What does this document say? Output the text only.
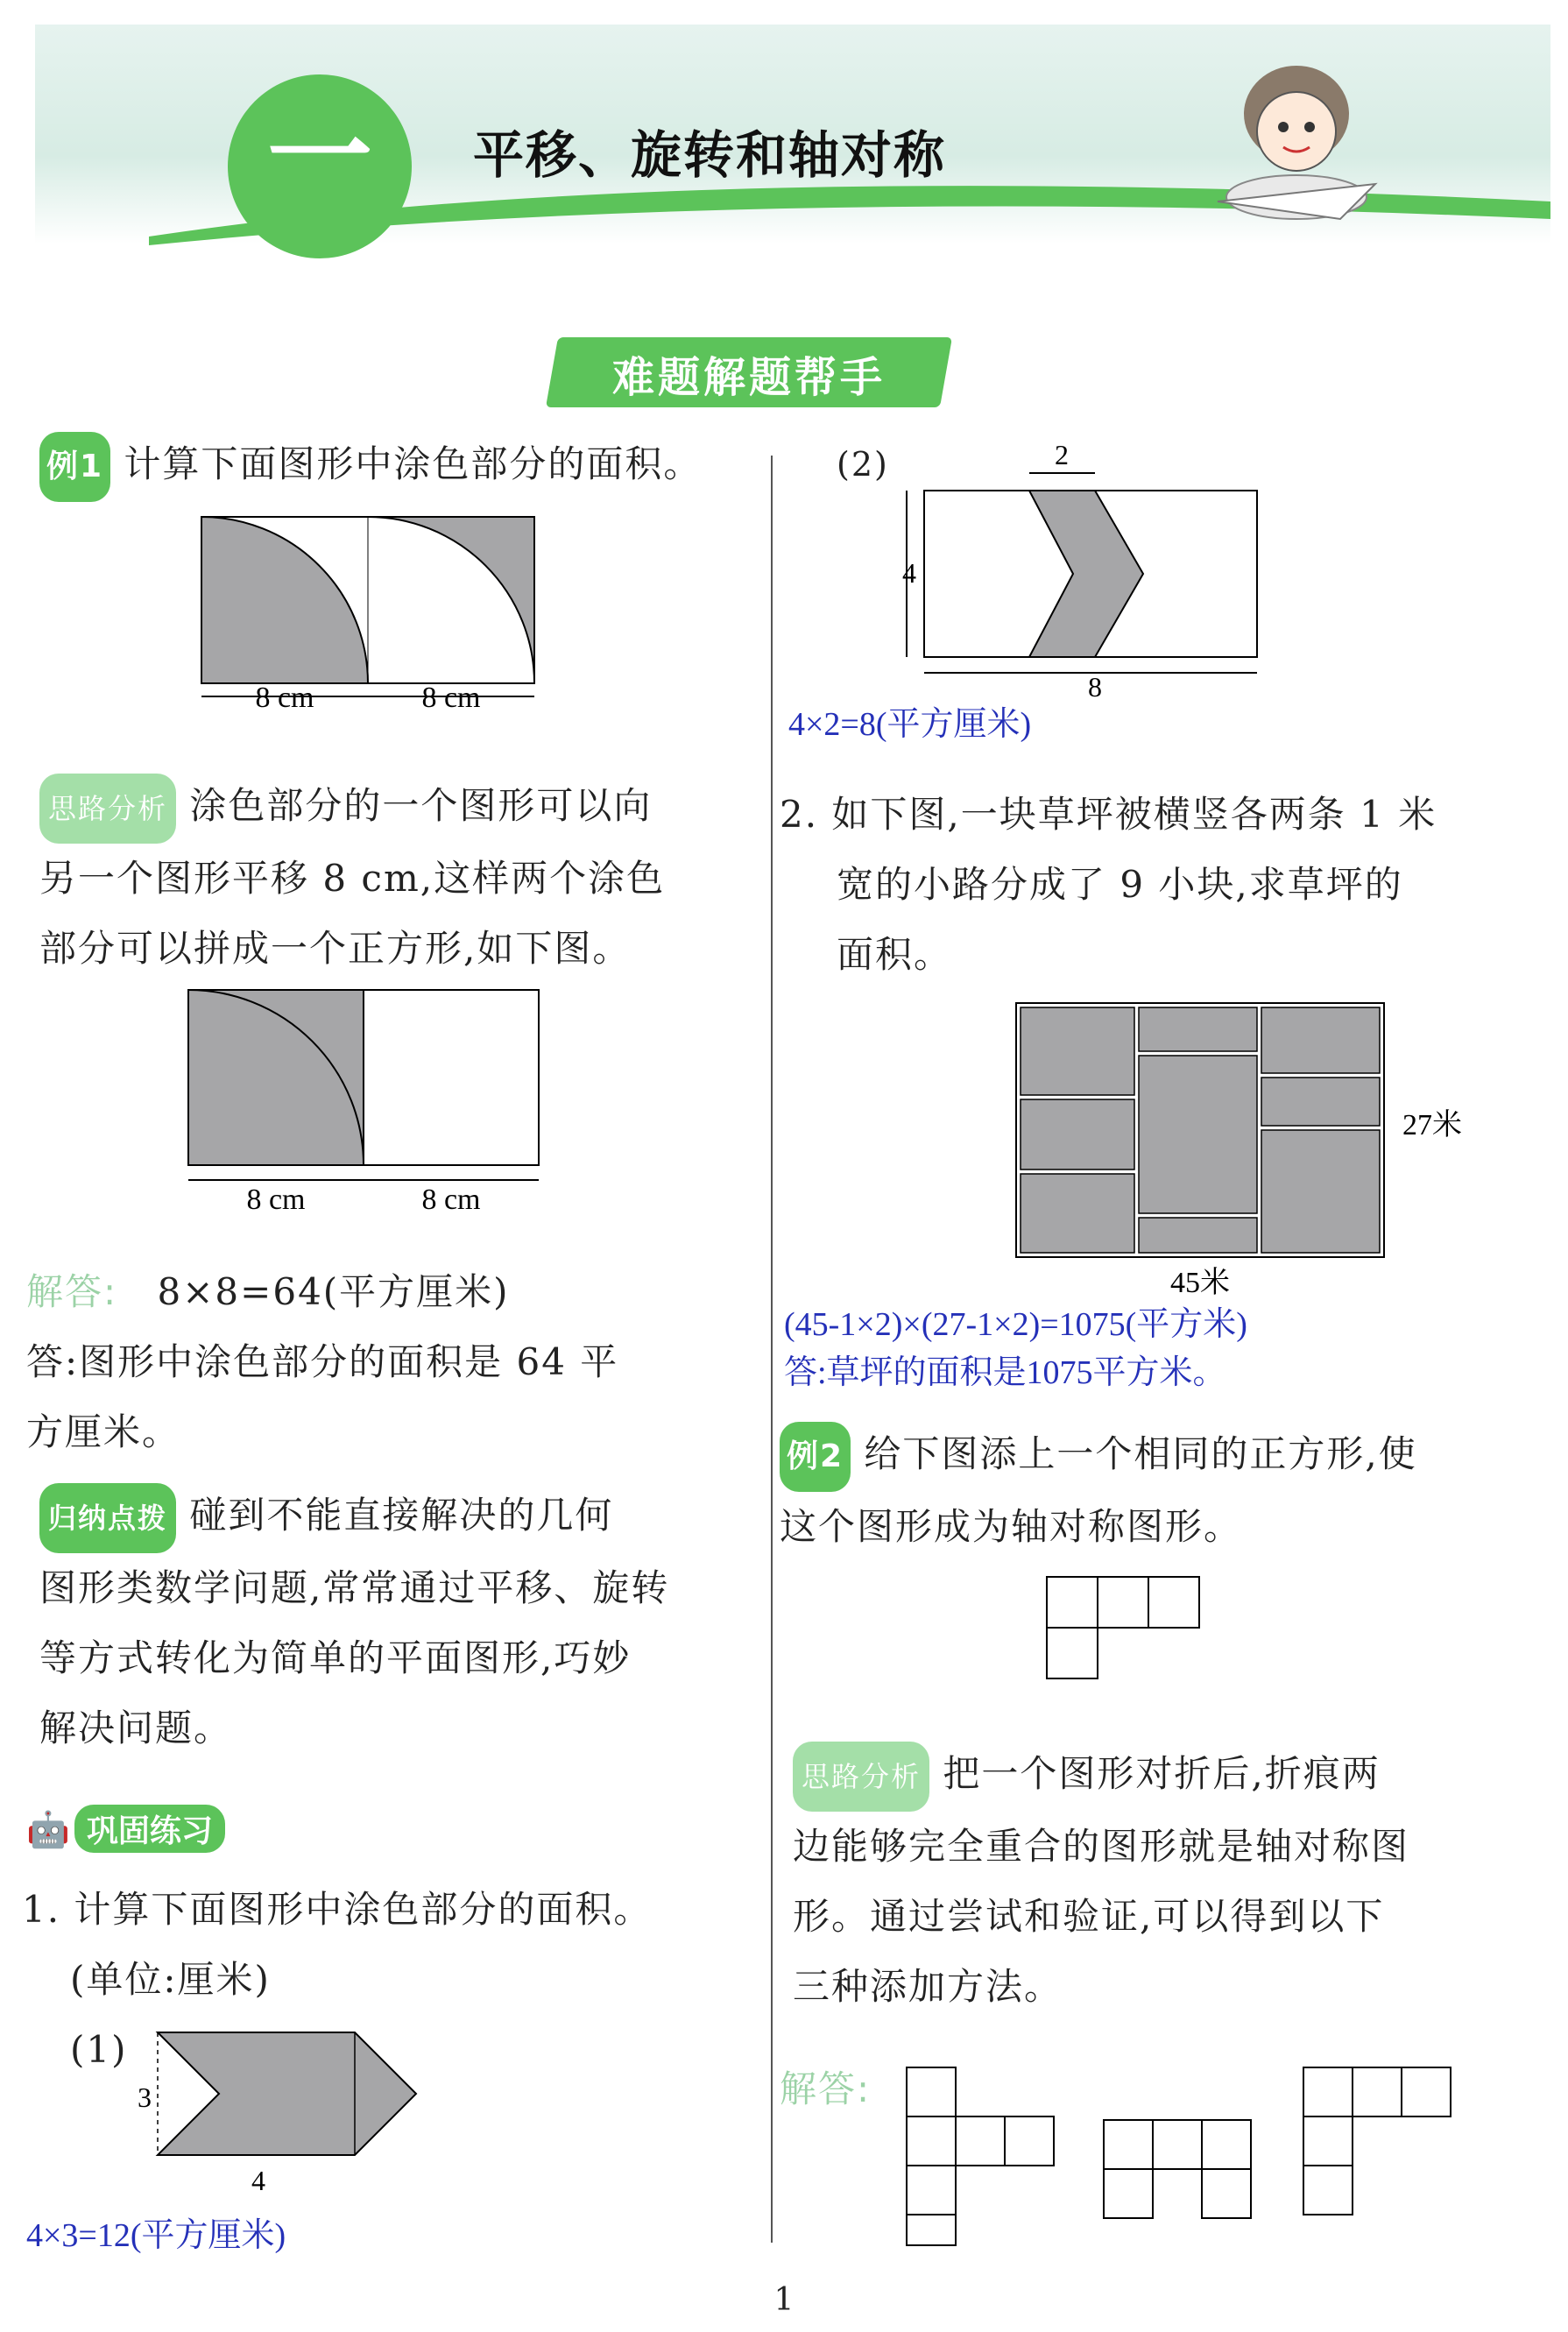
一	平移、旋转和轴对称
难题解题帮手
例1 计算下面图形中涂色部分的面积。
8 cm	8 cm
思路分析 涂色部分的一个图形可以向
另一个图形平移 8 cm,这样两个涂色
部分可以拼成一个正方形,如下图。
8 cm	8 cm
解答: 8×8=64(平方厘米)
答:图形中涂色部分的面积是 64 平
方厘米。
归纳点拨 碰到不能直接解决的几何
图形类数学问题,常常通过平移、旋转
等方式转化为简单的平面图形,巧妙
解决问题。
🤖 巩固练习
1. 计算下面图形中涂色部分的面积。
(单位:厘米)
(1)
3
4
4×3=12(平方厘米)
1
(2)	2
4
8
4×2=8(平方厘米)
2. 如下图,一块草坪被横竖各两条 1 米
宽的小路分成了 9 小块,求草坪的
面积。
27米
45米
(45-1×2)×(27-1×2)=1075(平方米)
答:草坪的面积是1075平方米。
例2 给下图添上一个相同的正方形,使
这个图形成为轴对称图形。
思路分析 把一个图形对折后,折痕两
边能够完全重合的图形就是轴对称图
形。通过尝试和验证,可以得到以下
三种添加方法。
解答:
